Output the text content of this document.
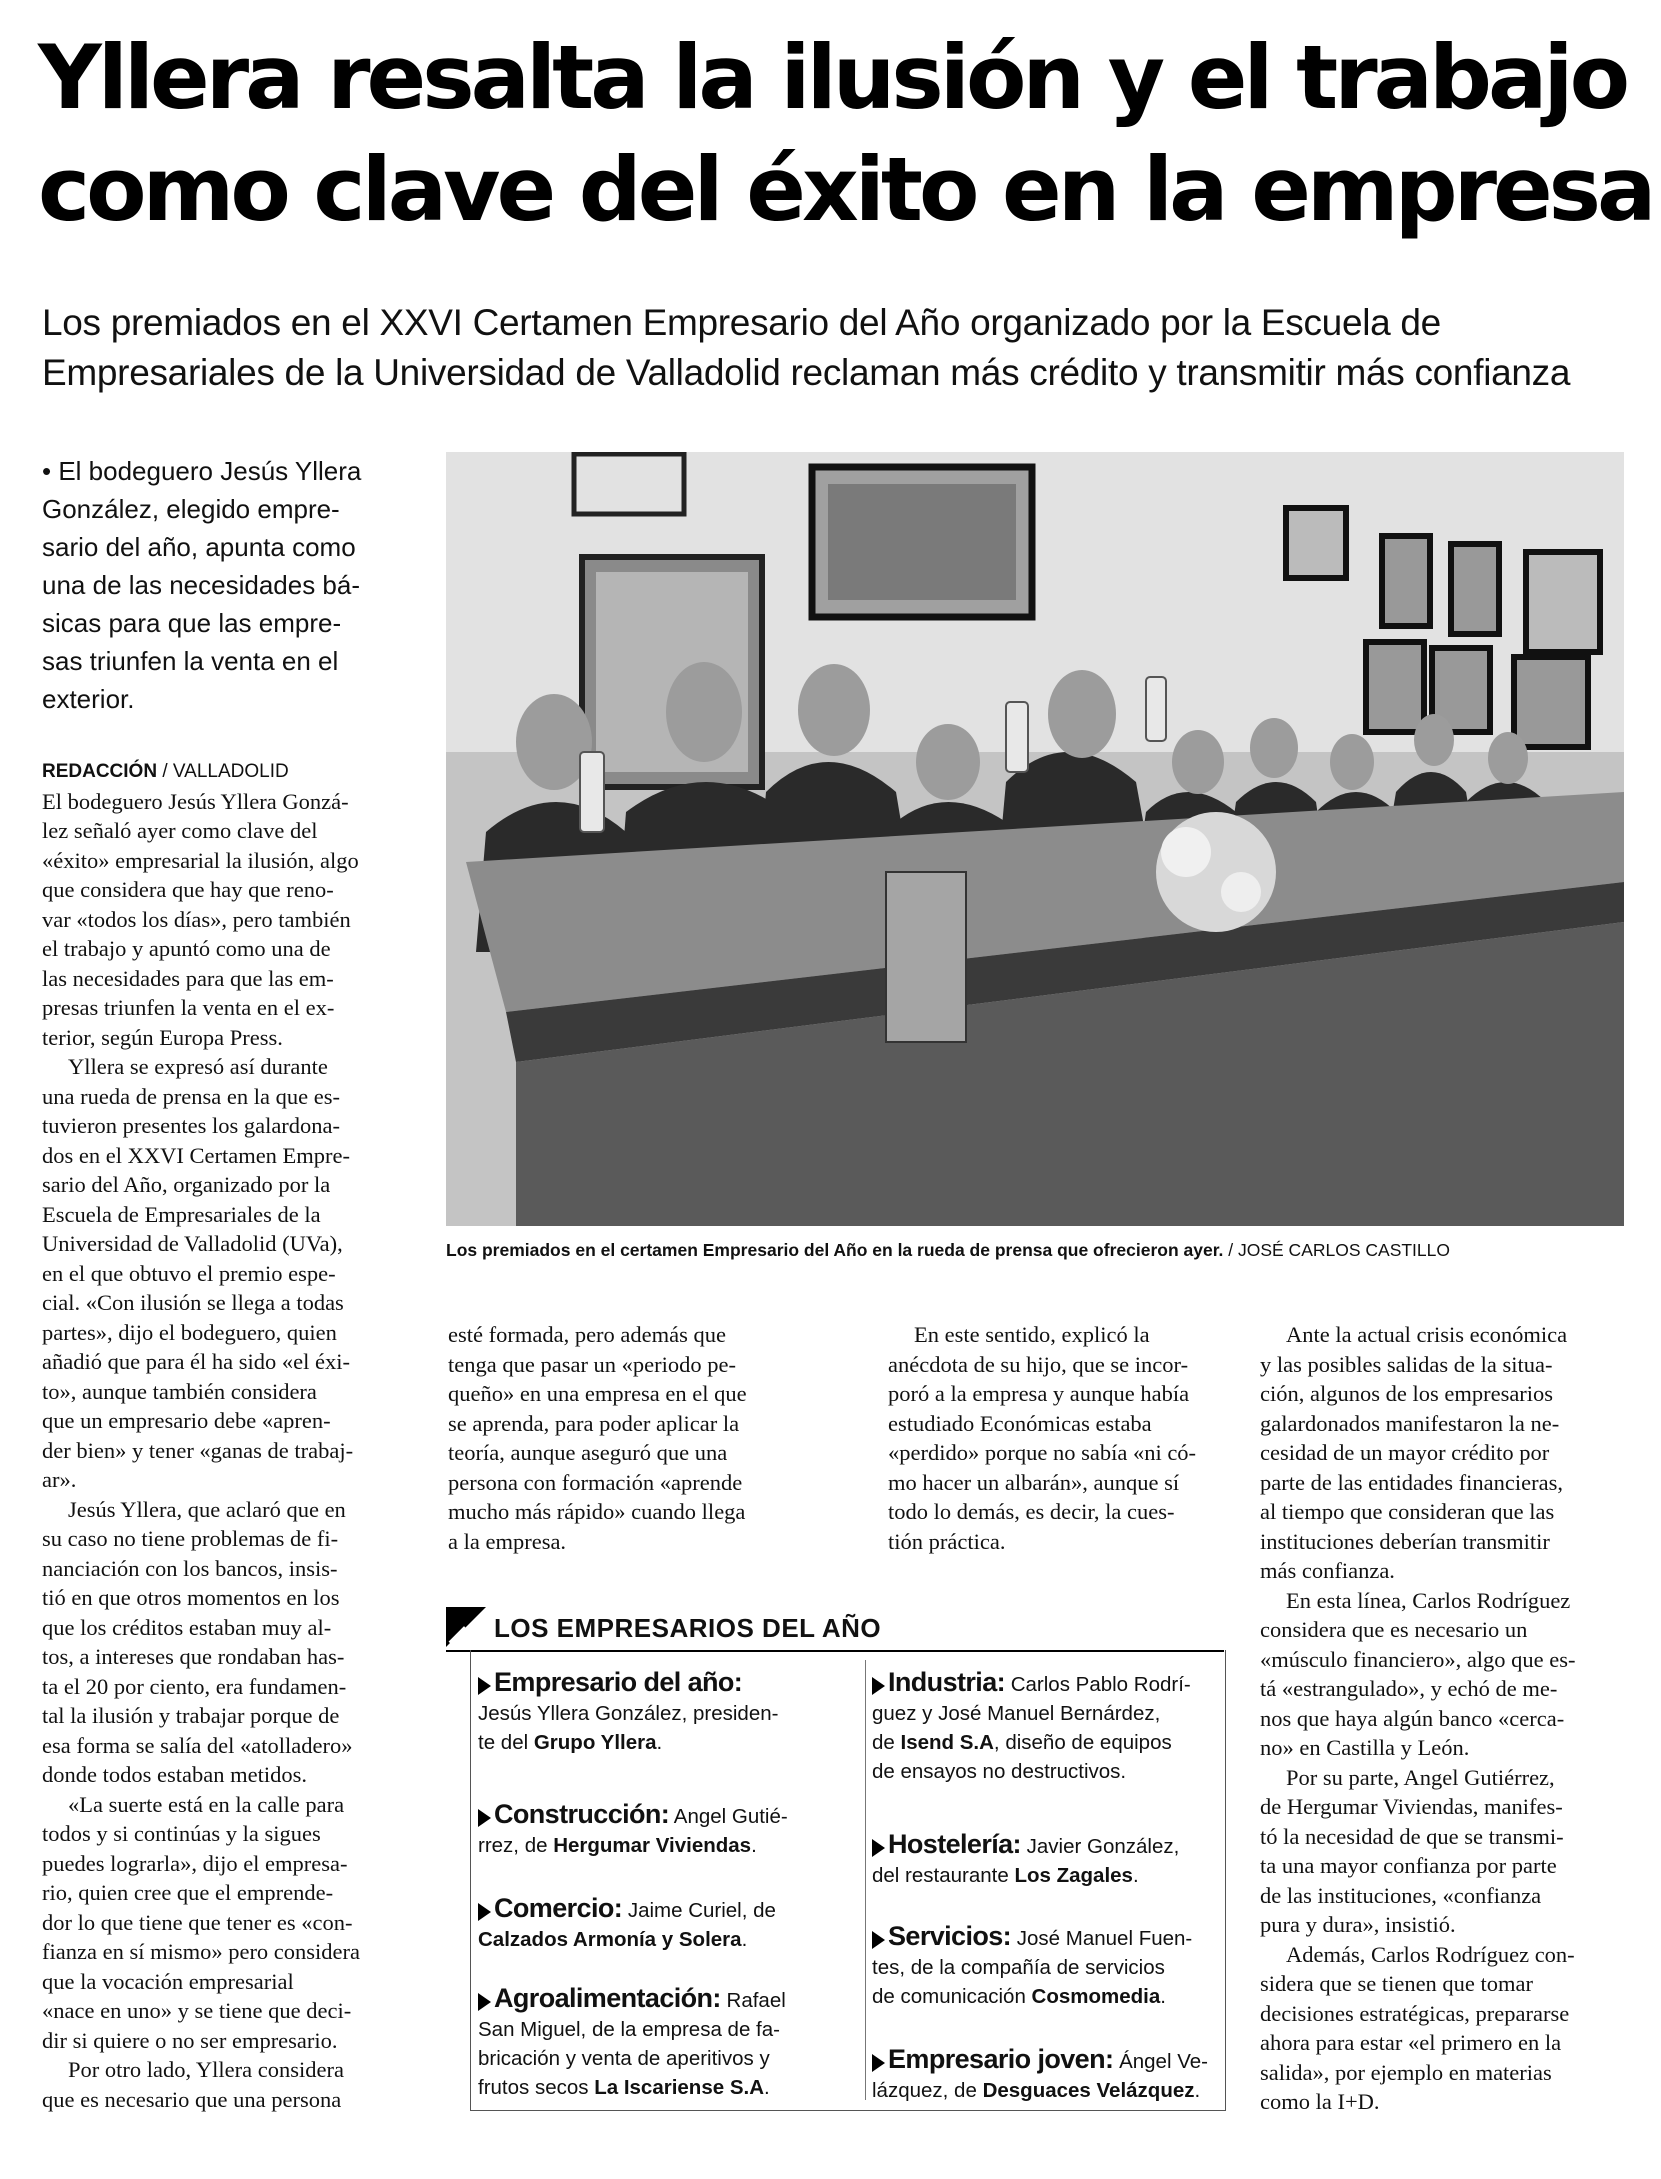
Yllera resalta la ilusión y el trabajo
como clave del éxito en la empresa

Los premiados en el XXVI Certamen Empresario del Año organizado por la Escuela de
Empresariales de la Universidad de Valladolid reclaman más crédito y transmitir más confianza

• El bodeguero Jesús Yllera
González, elegido empre-
sario del año, apunta como
una de las necesidades bá-
sicas para que las empre-
sas triunfen la venta en el
exterior.
REDACCIÓN / VALLADOLID
El bodeguero Jesús Yllera Gonzá-
lez señaló ayer como clave del
«éxito» empresarial la ilusión, algo
que considera que hay que reno-
var «todos los días», pero también
el trabajo y apuntó como una de
las necesidades para que las em-
presas triunfen la venta en el ex-
terior, según Europa Press.
Yllera se expresó así durante
una rueda de prensa en la que es-
tuvieron presentes los galardona-
dos en el XXVI Certamen Empre-
sario del Año, organizado por la
Escuela de Empresariales de la
Universidad de Valladolid (UVa),
en el que obtuvo el premio espe-
cial. «Con ilusión se llega a todas
partes», dijo el bodeguero, quien
añadió que para él ha sido «el éxi-
to», aunque también considera
que un empresario debe «apren-
der bien» y tener «ganas de trabaj-
ar».
Jesús Yllera, que aclaró que en
su caso no tiene problemas de fi-
nanciación con los bancos, insis-
tió en que otros momentos en los
que los créditos estaban muy al-
tos, a intereses que rondaban has-
ta el 20 por ciento, era fundamen-
tal la ilusión y trabajar porque de
esa forma se salía del «atolladero»
donde todos estaban metidos.
«La suerte está en la calle para
todos y si continúas y la sigues
puedes lograrla», dijo el empresa-
rio, quien cree que el emprende-
dor lo que tiene que tener es «con-
fianza en sí mismo» pero considera
que la vocación empresarial
«nace en uno» y se tiene que deci-
dir si quiere o no ser empresario.
Por otro lado, Yllera considera
que es necesario que una persona

Los premiados en el certamen Empresario del Año en la rueda de prensa que ofrecieron ayer. / JOSÉ CARLOS CASTILLO

esté formada, pero además que
tenga que pasar un «periodo pe-
queño» en una empresa en el que
se aprenda, para poder aplicar la
teoría, aunque aseguró que una
persona con formación «aprende
mucho más rápido» cuando llega
a la empresa.
En este sentido, explicó la
anécdota de su hijo, que se incor-
poró a la empresa y aunque había
estudiado Económicas estaba
«perdido» porque no sabía «ni có-
mo hacer un albarán», aunque sí
todo lo demás, es decir, la cues-
tión práctica.
Ante la actual crisis económica
y las posibles salidas de la situa-
ción, algunos de los empresarios
galardonados manifestaron la ne-
cesidad de un mayor crédito por
parte de las entidades financieras,
al tiempo que consideran que las
instituciones deberían transmitir
más confianza.
En esta línea, Carlos Rodríguez
considera que es necesario un
«músculo financiero», algo que es-
tá «estrangulado», y echó de me-
nos que haya algún banco «cerca-
no» en Castilla y León.
Por su parte, Angel Gutiérrez,
de Hergumar Viviendas, manifes-
tó la necesidad de que se transmi-
ta una mayor confianza por parte
de las instituciones, «confianza
pura y dura», insistió.
Además, Carlos Rodríguez con-
sidera que se tienen que tomar
decisiones estratégicas, prepararse
ahora para estar «el primero en la
salida», por ejemplo en materias
como la I+D.
LOS EMPRESARIOS DEL AÑO
Empresario del año:
Jesús Yllera González, presiden-
te del Grupo Yllera.
Construcción: Angel Gutié-
rrez, de Hergumar Viviendas.
Comercio: Jaime Curiel, de
Calzados Armonía y Solera.
Agroalimentación: Rafael
San Miguel, de la empresa de fa-
bricación y venta de aperitivos y
frutos secos La Iscariense S.A.
Industria: Carlos Pablo Rodrí-
guez y José Manuel Bernárdez,
de Isend S.A, diseño de equipos
de ensayos no destructivos.
Hostelería: Javier González,
del restaurante Los Zagales.
Servicios: José Manuel Fuen-
tes, de la compañía de servicios
de comunicación Cosmomedia.
Empresario joven: Ángel Ve-
lázquez, de Desguaces Velázquez.
